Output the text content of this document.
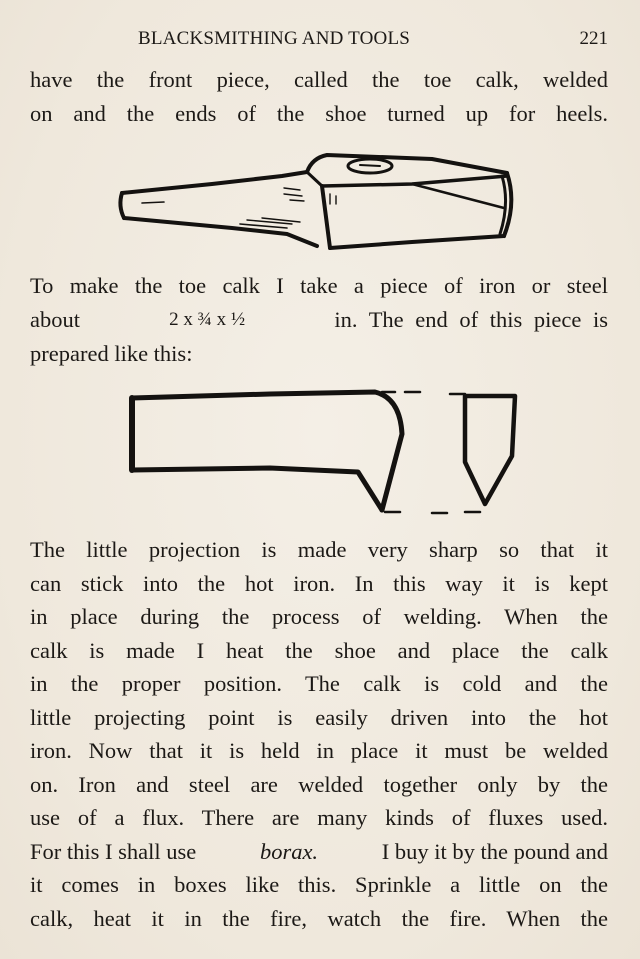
BLACKSMITHING AND TOOLS	221
have the front piece, called the toe calk, welded
on and the ends of the shoe turned up for heels.
To make the toe calk I take a piece of iron or steel
about	2 x ¾ x ½	in. The end of this piece is
prepared like this:
The little projection is made very sharp so that it
can stick into the hot iron. In this way it is kept
in place during the process of welding. When the
calk is made I heat the shoe and place the calk
in the proper position. The calk is cold and the
little projecting point is easily driven into the hot
iron. Now that it is held in place it must be welded
on. Iron and steel are welded together only by the
use of a flux. There are many kinds of fluxes used.
For this I shall use	borax.	I buy it by the pound and
it comes in boxes like this. Sprinkle a little on the
calk, heat it in the fire, watch the fire. When the
